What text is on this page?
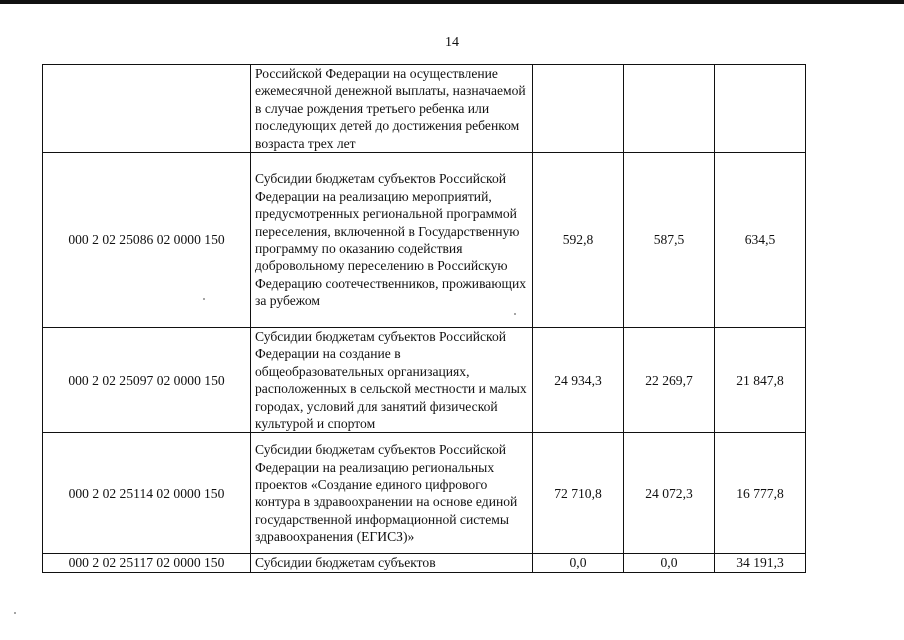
14
	Российской Федерации на осуществление ежемесячной денежной выплаты, назначаемой в случае рождения третьего ребенка или последующих детей до достижения ребенком возраста трех лет			
000 2 02 25086 02 0000 150	Субсидии бюджетам субъектов Российской Федерации на реализацию мероприятий, предусмотренных региональной программой переселения, включенной в Государственную программу по оказанию содействия добровольному переселению в Российскую Федерацию соотечественников, проживающих за рубежом	592,8	587,5	634,5
000 2 02 25097 02 0000 150	Субсидии бюджетам субъектов Российской Федерации на создание в общеобразовательных организациях, расположенных в сельской местности и малых городах, условий для занятий физической культурой и спортом	24 934,3	22 269,7	21 847,8
000 2 02 25114 02 0000 150	Субсидии бюджетам субъектов Российской Федерации на реализацию региональных проектов «Создание единого цифрового контура в здравоохранении на основе единой государственной информационной системы здравоохранения (ЕГИСЗ)»	72 710,8	24 072,3	16 777,8
000 2 02 25117 02 0000 150	Субсидии бюджетам субъектов	0,0	0,0	34 191,3
